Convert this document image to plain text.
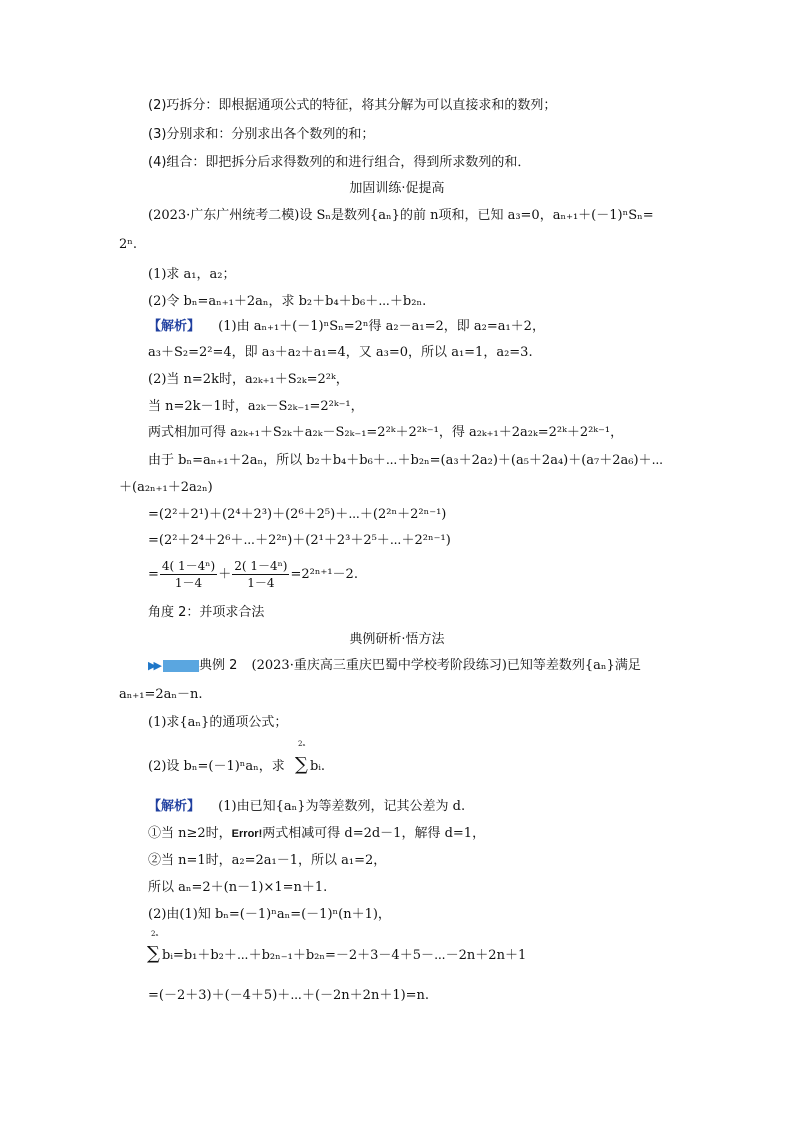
(2)巧拆分：即根据通项公式的特征，将其分解为可以直接求和的数列；
(3)分别求和：分别求出各个数列的和；
(4)组合：即把拆分后求得数列的和进行组合，得到所求数列的和．
加固训练·促提高
(2023·广东广州统考二模)设 Sₙ是数列{aₙ}的前 n项和，已知 a₃=0，aₙ₊₁＋(－1)ⁿSₙ=
2ⁿ.
(1)求 a₁，a₂；
(2)令 bₙ=aₙ₊₁＋2aₙ，求 b₂＋b₄＋b₆＋⋯＋b₂ₙ.
【解析】 (1)由 aₙ₊₁＋(－1)ⁿSₙ=2ⁿ得 a₂－a₁=2，即 a₂=a₁＋2，
a₃＋S₂=2²=4，即 a₃＋a₂＋a₁=4，又 a₃=0，所以 a₁=1，a₂=3.
(2)当 n=2k时，a₂ₖ₊₁＋S₂ₖ=2²ᵏ，
当 n=2k－1时，a₂ₖ－S₂ₖ₋₁=2²ᵏ⁻¹，
两式相加可得 a₂ₖ₊₁＋S₂ₖ＋a₂ₖ－S₂ₖ₋₁=2²ᵏ＋2²ᵏ⁻¹，得 a₂ₖ₊₁＋2a₂ₖ=2²ᵏ＋2²ᵏ⁻¹，
由于 bₙ=aₙ₊₁＋2aₙ，所以 b₂＋b₄＋b₆＋⋯＋b₂ₙ=(a₃＋2a₂)＋(a₅＋2a₄)＋(a₇＋2a₆)＋⋯
＋(a₂ₙ₊₁＋2a₂ₙ)
=(2²＋2¹)＋(2⁴＋2³)＋(2⁶＋2⁵)＋⋯＋(2²ⁿ＋2²ⁿ⁻¹)
=(2²＋2⁴＋2⁶＋⋯＋2²ⁿ)＋(2¹＋2³＋2⁵＋⋯＋2²ⁿ⁻¹)
= $\frac{\text{4( 1－4ⁿ)}}{1-4} + \frac{\text{2( 1－4ⁿ)}}{1-4} =2^{2n+1}-2$.
角度 2：并项求合法
典例研析·悟方法
▶▶	典例 2 (2023·重庆高三重庆巴蜀中学校考阶段练习)已知等差数列{aₙ}满足
aₙ₊₁=2aₙ－n.
(1)求{aₙ}的通项公式；
(2)设 bₙ=(－1)ⁿaₙ，求
2ₙ
∑ bᵢ.
【解析】 (1)由已知{aₙ}为等差数列，记其公差为 d.
①当 n≥2时，Error!两式相减可得 d=2d－1，解得 d=1，
②当 n=1时，a₂=2a₁－1，所以 a₁=2，
所以 aₙ=2＋(n－1)×1=n＋1.
(2)由(1)知 bₙ=(－1)ⁿaₙ=(－1)ⁿ(n＋1)，
2ₙ
∑ bᵢ=b₁＋b₂＋⋯＋b₂ₙ₋₁＋b₂ₙ=－2＋3－4＋5－⋯－2n＋2n＋1
=(－2＋3)＋(－4＋5)＋⋯＋(－2n＋2n＋1)=n.
